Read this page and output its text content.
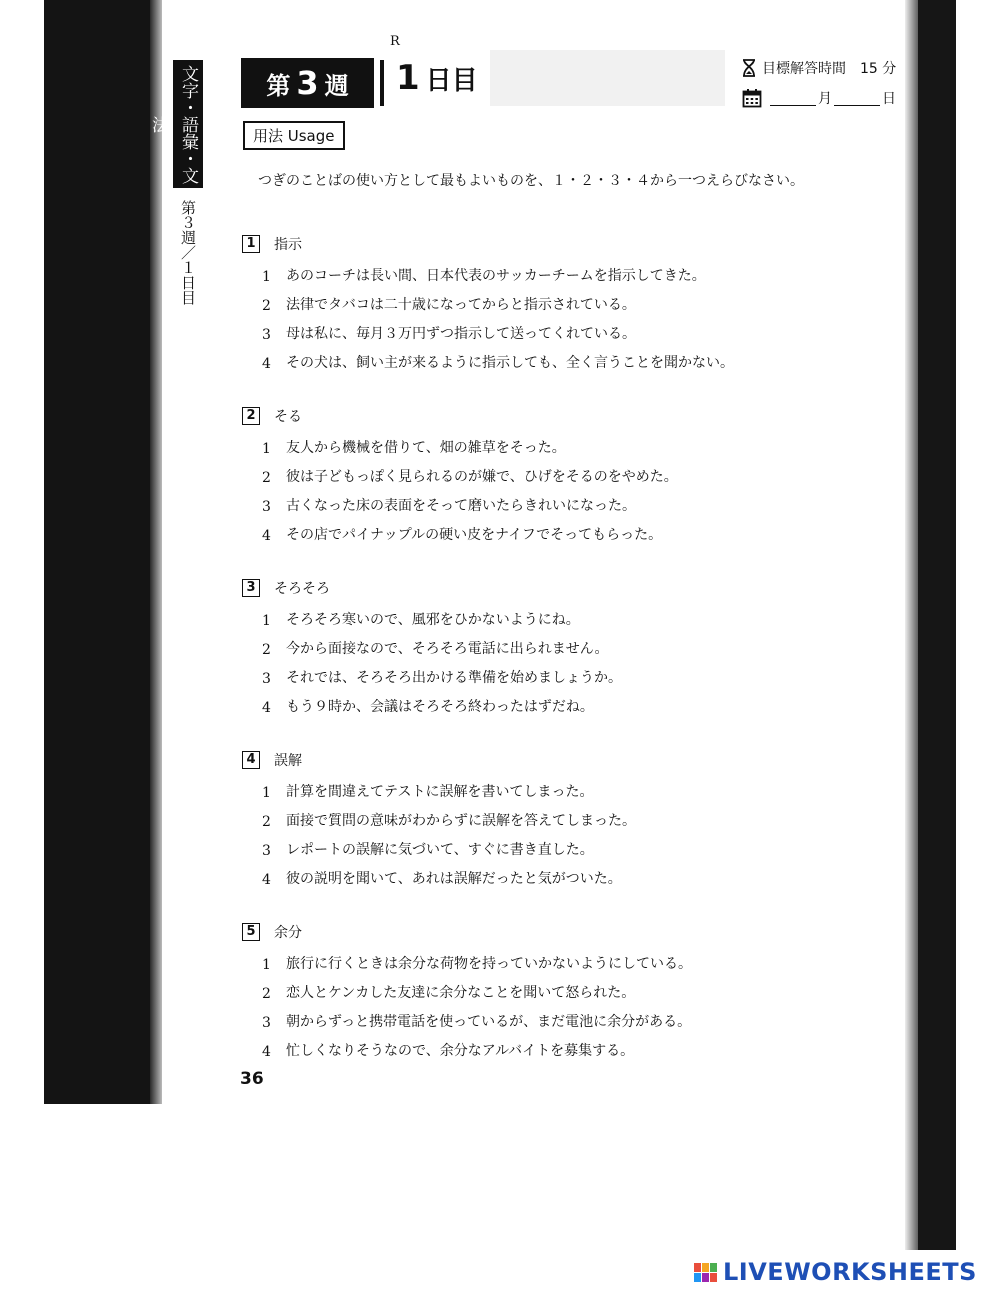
文字・語彙・文法
第３週／１日目
第 3 週 1 日目
R
目標解答時間　15 分
月	日
用法 Usage
つぎのことばの使い方として最もよいものを、１・２・３・４から一つえらびなさい。
1	指示
1	あのコーチは長い間、日本代表のサッカーチームを指示してきた。
2	法律でタバコは二十歳になってからと指示されている。
3	母は私に、毎月３万円ずつ指示して送ってくれている。
4	その犬は、飼い主が来るように指示しても、全く言うことを聞かない。
2	そる
1	友人から機械を借りて、畑の雑草をそった。
2	彼は子どもっぽく見られるのが嫌で、ひげをそるのをやめた。
3	古くなった床の表面をそって磨いたらきれいになった。
4	その店でパイナップルの硬い皮をナイフでそってもらった。
3	そろそろ
1	そろそろ寒いので、風邪をひかないようにね。
2	今から面接なので、そろそろ電話に出られません。
3	それでは、そろそろ出かける準備を始めましょうか。
4	もう９時か、会議はそろそろ終わったはずだね。
4	誤解
1	計算を間違えてテストに誤解を書いてしまった。
2	面接で質問の意味がわからずに誤解を答えてしまった。
3	レポートの誤解に気づいて、すぐに書き直した。
4	彼の説明を聞いて、あれは誤解だったと気がついた。
5	余分
1	旅行に行くときは余分な荷物を持っていかないようにしている。
2	恋人とケンカした友達に余分なことを聞いて怒られた。
3	朝からずっと携帯電話を使っているが、まだ電池に余分がある。
4	忙しくなりそうなので、余分なアルバイトを募集する。
36
LIVEWORKSHEETS
